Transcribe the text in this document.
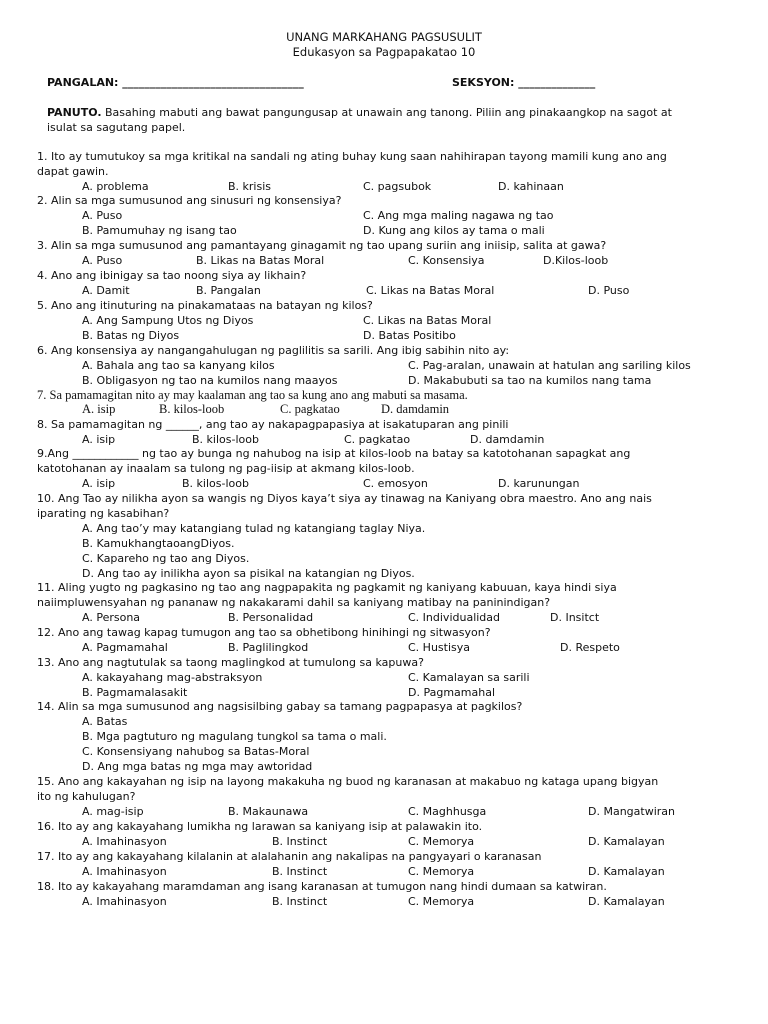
UNANG MARKAHANG PAGSUSULIT
Edukasyon sa Pagpapakatao 10
PANGALAN: _________________________________	SEKSYON: ______________
PANUTO. Basahing mabuti ang bawat pangungusap at unawain ang tanong. Piliin ang pinakaangkop na sagot at
isulat sa sagutang papel.
1. Ito ay tumutukoy sa mga kritikal na sandali ng ating buhay kung saan nahihirapan tayong mamili kung ano ang
dapat gawin.
A. problema	B. krisis	C. pagsubok	D. kahinaan
2. Alin sa mga sumusunod ang sinusuri ng konsensiya?
A. Puso	C. Ang mga maling nagawa ng tao
B. Pamumuhay ng isang tao	D. Kung ang kilos ay tama o mali
3. Alin sa mga sumusunod ang pamantayang ginagamit ng tao upang suriin ang iniisip, salita at gawa?
A. Puso	B. Likas na Batas Moral	C. Konsensiya	D.Kilos-loob
4. Ano ang ibinigay sa tao noong siya ay likhain?
A. Damit	B. Pangalan	C. Likas na Batas Moral	D. Puso
5. Ano ang itinuturing na pinakamataas na batayan ng kilos?
A. Ang Sampung Utos ng Diyos	C. Likas na Batas Moral
B. Batas ng Diyos	D. Batas Positibo
6. Ang konsensiya ay nangangahulugan ng paglilitis sa sarili. Ang ibig sabihin nito ay:
A. Bahala ang tao sa kanyang kilos	C. Pag-aralan, unawain at hatulan ang sariling kilos
B. Obligasyon ng tao na kumilos nang maayos	D. Makabubuti sa tao na kumilos nang tama
7. Sa pamamagitan nito ay may kaalaman ang tao sa kung ano ang mabuti sa masama.
A. isip	B. kilos-loob	C. pagkatao	D. damdamin
8. Sa pamamagitan ng ______, ang tao ay nakapagpapasiya at isakatuparan ang pinili
A. isip	B. kilos-loob	C. pagkatao	D. damdamin
9.Ang ____________ ng tao ay bunga ng nahubog na isip at kilos-loob na batay sa katotohanan sapagkat ang
katotohanan ay inaalam sa tulong ng pag-iisip at akmang kilos-loob.
A. isip	B. kilos-loob	C. emosyon	D. karunungan
10. Ang Tao ay nilikha ayon sa wangis ng Diyos kaya’t siya ay tinawag na Kaniyang obra maestro. Ano ang nais
iparating ng kasabihan?
A. Ang tao’y may katangiang tulad ng katangiang taglay Niya.
B. KamukhangtaoangDiyos.
C. Kapareho ng tao ang Diyos.
D. Ang tao ay inilikha ayon sa pisikal na katangian ng Diyos.
11. Aling yugto ng pagkasino ng tao ang nagpapakita ng pagkamit ng kaniyang kabuuan, kaya hindi siya
naiimpluwensyahan ng pananaw ng nakakarami dahil sa kaniyang matibay na paninindigan?
A. Persona	B. Personalidad	C. Individualidad	D. Insitct
12. Ano ang tawag kapag tumugon ang tao sa obhetibong hinihingi ng sitwasyon?
A. Pagmamahal	B. Paglilingkod	C. Hustisya	D. Respeto
13. Ano ang nagtutulak sa taong maglingkod at tumulong sa kapuwa?
A. kakayahang mag-abstraksyon	C. Kamalayan sa sarili
B. Pagmamalasakit	D. Pagmamahal
14. Alin sa mga sumusunod ang nagsisilbing gabay sa tamang pagpapasya at pagkilos?
A. Batas
B. Mga pagtuturo ng magulang tungkol sa tama o mali.
C. Konsensiyang nahubog sa Batas-Moral
D. Ang mga batas ng mga may awtoridad
15. Ano ang kakayahan ng isip na layong makakuha ng buod ng karanasan at makabuo ng kataga upang bigyan
ito ng kahulugan?
A. mag-isip	B. Makaunawa	C. Maghhusga	D. Mangatwiran
16. Ito ay ang kakayahang lumikha ng larawan sa kaniyang isip at palawakin ito.
A. Imahinasyon	B. Instinct	C. Memorya	D. Kamalayan
17. Ito ay ang kakayahang kilalanin at alalahanin ang nakalipas na pangyayari o karanasan
A. Imahinasyon	B. Instinct	C. Memorya	D. Kamalayan
18. Ito ay kakayahang maramdaman ang isang karanasan at tumugon nang hindi dumaan sa katwiran.
A. Imahinasyon	B. Instinct	C. Memorya	D. Kamalayan
